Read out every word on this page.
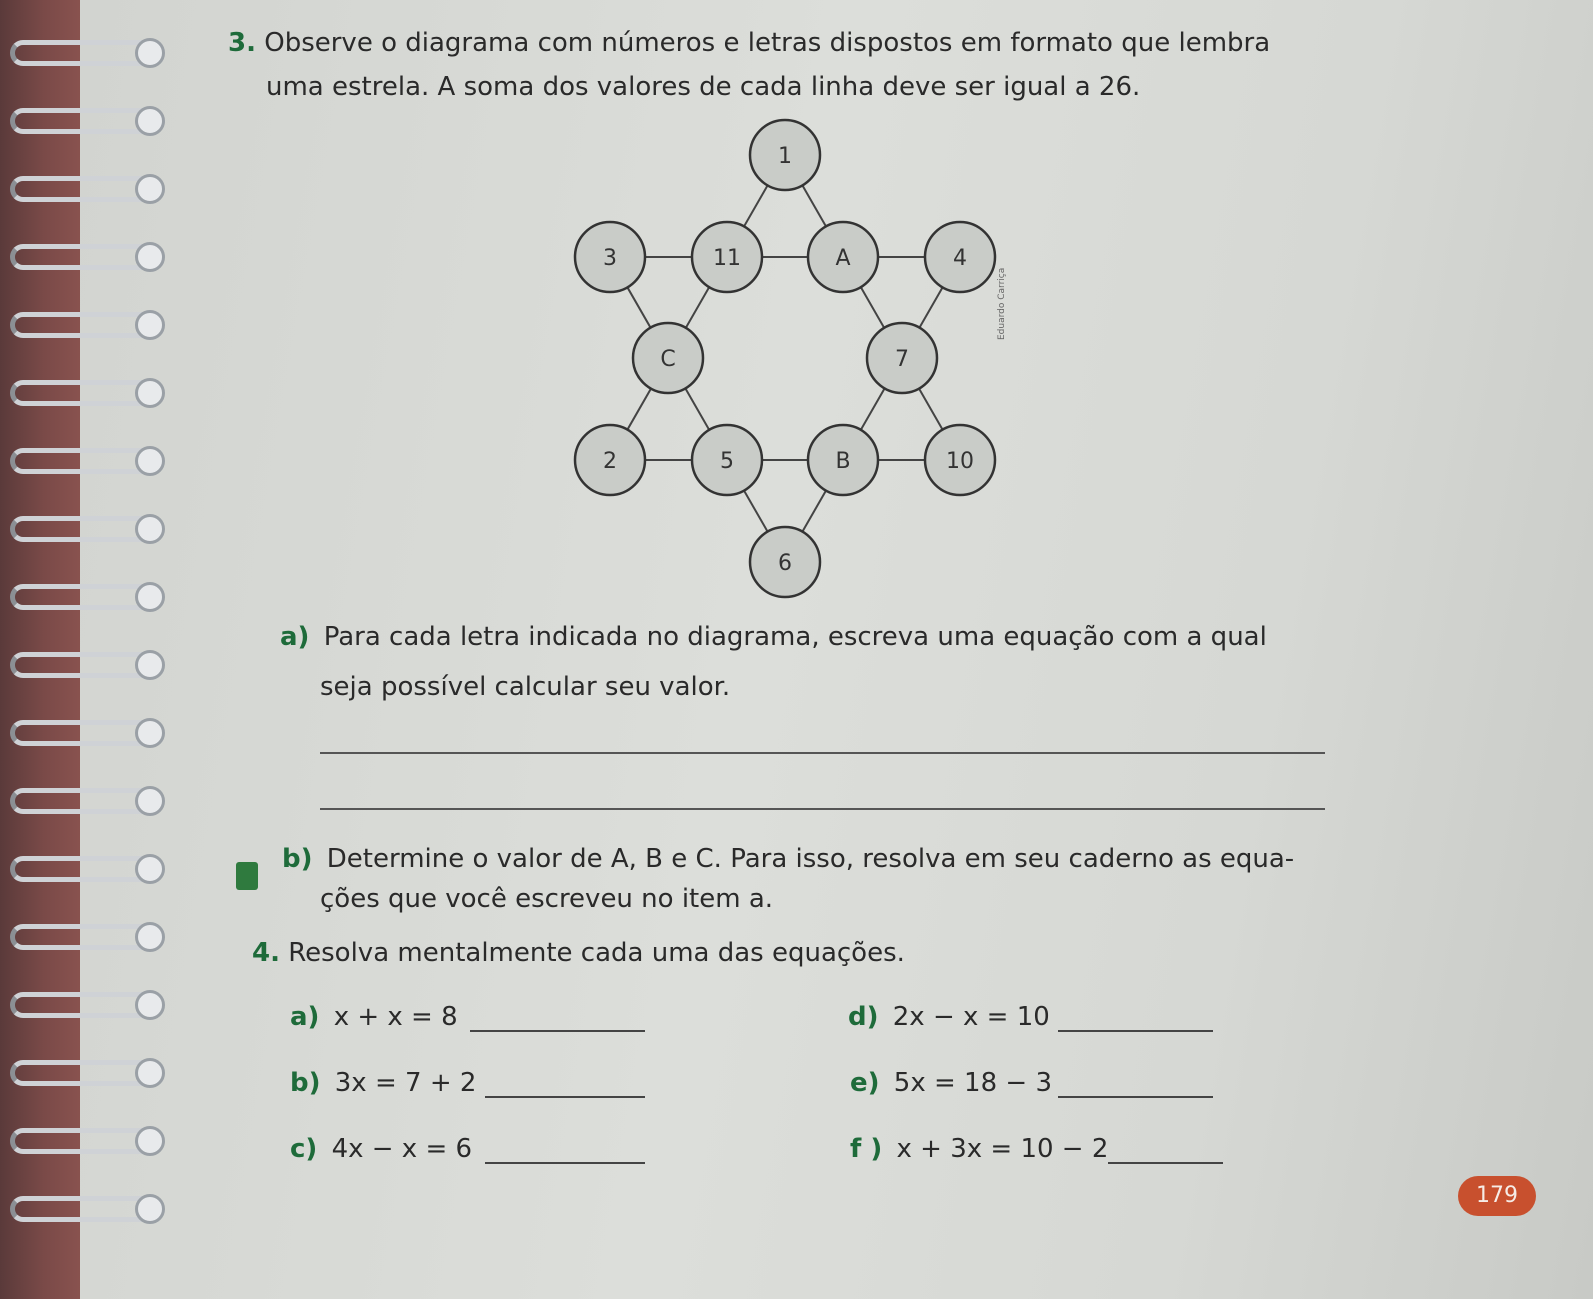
3. Observe o diagrama com números e letras dispostos em formato que lembra
uma estrela. A soma dos valores de cada linha deve ser igual a 26.
1
3	11	A	4
C	7
2	5	B	10
6
Eduardo Carriça
a) Para cada letra indicada no diagrama, escreva uma equação com a qual
seja possível calcular seu valor.
b) Determine o valor de A, B e C. Para isso, resolva em seu caderno as equa-
ções que você escreveu no item a.
4. Resolva mentalmente cada uma das equações.
a) x + x = 8
b) 3x = 7 + 2
c) 4x − x = 6
d) 2x − x = 10
e) 5x = 18 − 3
f ) x + 3x = 10 − 2
179
